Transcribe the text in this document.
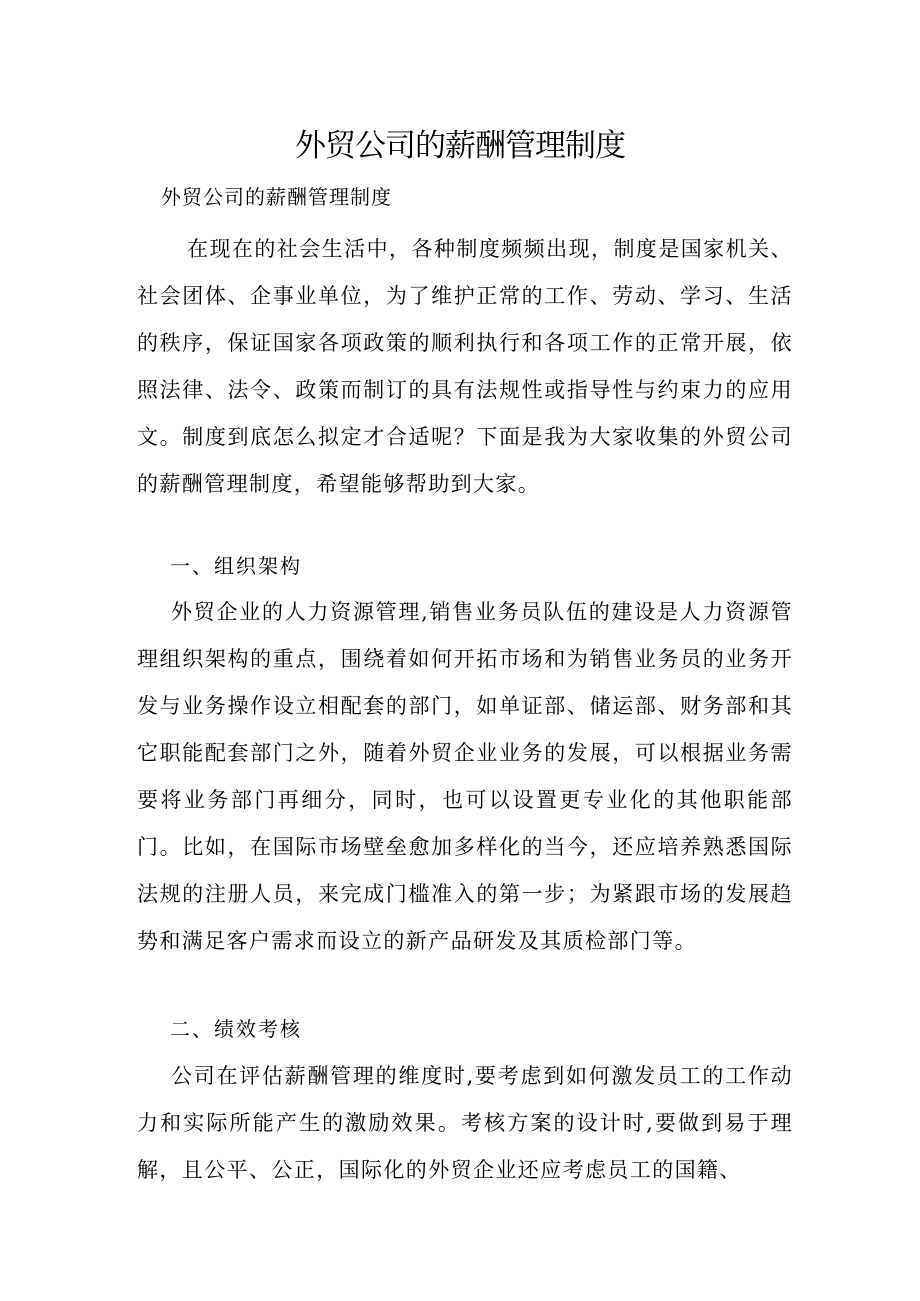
外贸公司的薪酬管理制度

外贸公司的薪酬管理制度

在现在的社会生活中，各种制度频频出现，制度是国家机关、社会团体、企事业单位，为了维护正常的工作、劳动、学习、生活的秩序，保证国家各项政策的顺利执行和各项工作的正常开展，依照法律、法令、政策而制订的具有法规性或指导性与约束力的应用文。制度到底怎么拟定才合适呢？下面是我为大家收集的外贸公司的薪酬管理制度，希望能够帮助到大家。

一、组织架构

外贸企业的人力资源管理,销售业务员队伍的建设是人力资源管理组织架构的重点，围绕着如何开拓市场和为销售业务员的业务开发与业务操作设立相配套的部门，如单证部、储运部、财务部和其它职能配套部门之外，随着外贸企业业务的发展，可以根据业务需要将业务部门再细分，同时，也可以设置更专业化的其他职能部门。比如，在国际市场壁垒愈加多样化的当今，还应培养熟悉国际法规的注册人员，来完成门槛准入的第一步；为紧跟市场的发展趋势和满足客户需求而设立的新产品研发及其质检部门等。

二、绩效考核

公司在评估薪酬管理的维度时,要考虑到如何激发员工的工作动力和实际所能产生的激励效果。考核方案的设计时,要做到易于理解，且公平、公正，国际化的外贸企业还应考虑员工的国籍、
